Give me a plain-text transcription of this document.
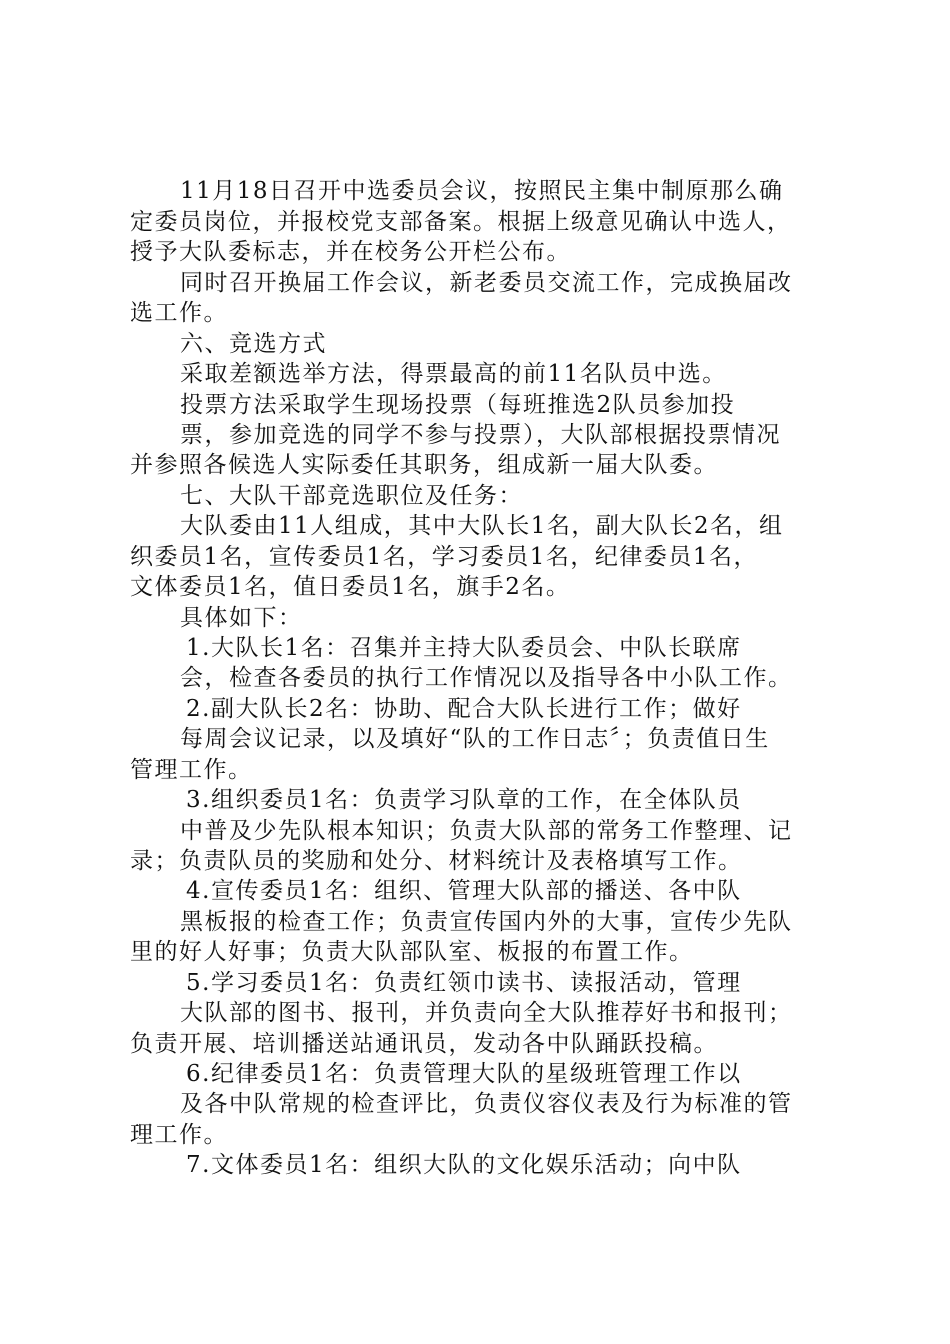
11月18日召开中选委员会议，按照民主集中制原那么确
定委员岗位，并报校党支部备案。根据上级意见确认中选人，
授予大队委标志，并在校务公开栏公布。
同时召开换届工作会议，新老委员交流工作，完成换届改
选工作。
六、竞选方式
采取差额选举方法，得票最高的前11名队员中选。
投票方法采取学生现场投票（每班推选2队员参加投
票，参加竞选的同学不参与投票），大队部根据投票情况
并参照各候选人实际委任其职务，组成新一届大队委。
七、大队干部竞选职位及任务：
大队委由11人组成，其中大队长1名，副大队长2名，组
织委员1名，宣传委员1名，学习委员1名，纪律委员1名，
文体委员1名，值日委员1名，旗手2名。
具体如下：
1.大队长1名：召集并主持大队委员会、中队长联席
会，检查各委员的执行工作情况以及指导各中小队工作。
2.副大队长2名：协助、配合大队长进行工作；做好
每周会议记录，以及填好“队的工作日志〞；负责值日生
管理工作。
3.组织委员1名：负责学习队章的工作，在全体队员
中普及少先队根本知识；负责大队部的常务工作整理、记
录；负责队员的奖励和处分、材料统计及表格填写工作。
4.宣传委员1名：组织、管理大队部的播送、各中队
黑板报的检查工作；负责宣传国内外的大事，宣传少先队
里的好人好事；负责大队部队室、板报的布置工作。
5.学习委员1名：负责红领巾读书、读报活动，管理
大队部的图书、报刊，并负责向全大队推荐好书和报刊；
负责开展、培训播送站通讯员，发动各中队踊跃投稿。
6.纪律委员1名：负责管理大队的星级班管理工作以
及各中队常规的检查评比，负责仪容仪表及行为标准的管
理工作。
7.文体委员1名：组织大队的文化娱乐活动；向中队
